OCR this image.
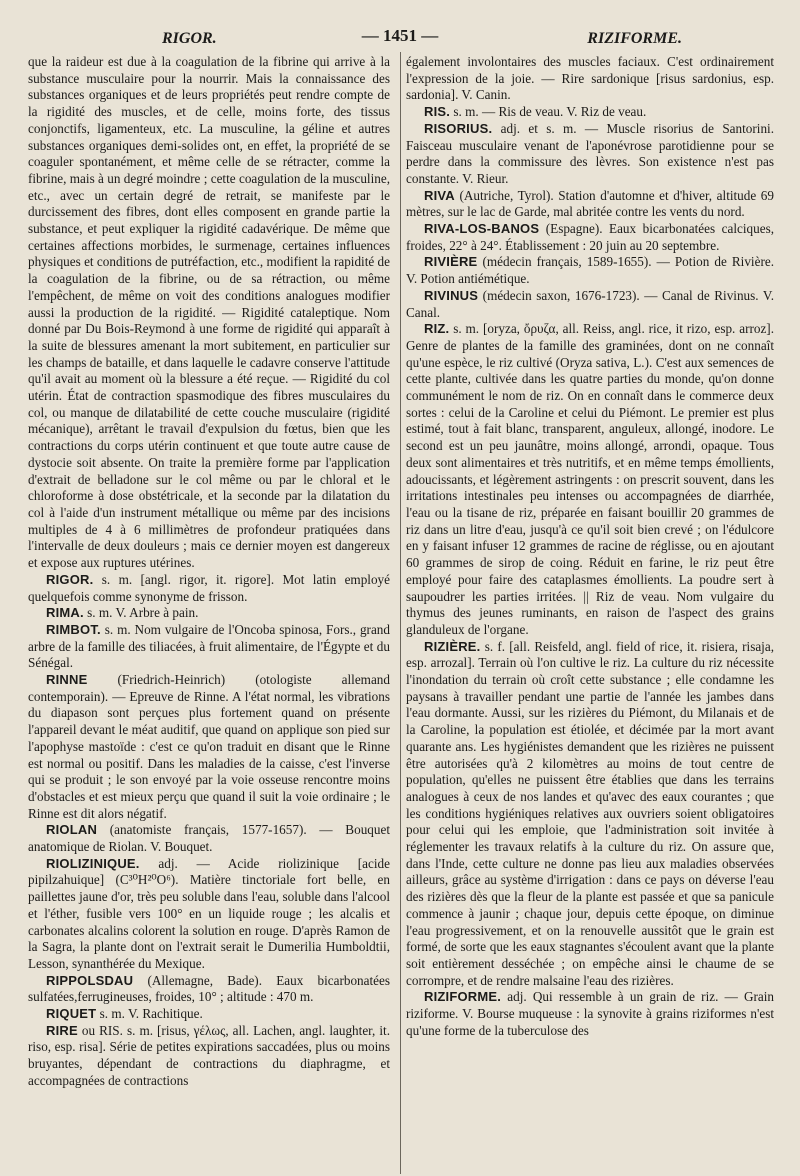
RIGOR.	— 1451 —	RIZIFORME.

que la raideur est due à la coagulation de la fibrine qui arrive à la substance musculaire pour la nourrir. Mais la connaissance des substances organiques et de leurs propriétés peut rendre compte de la rigidité des muscles, et de celle, moins forte, des tissus conjonctifs, ligamenteux, etc. La musculine, la géline et autres substances organiques demi-solides ont, en effet, la propriété de se coaguler spontanément, et même celle de se rétracter, comme la fibrine, mais à un degré moindre ; cette coagulation de la musculine, etc., avec un certain degré de retrait, se manifeste par le durcissement des fibres, dont elles composent en grande partie la substance, et peut expliquer la rigidité cadavérique. De même que certaines affections morbides, le surmenage, certaines influences physiques et conditions de putréfaction, etc., modifient la rapidité de la coagulation de la fibrine, ou de sa rétraction, ou même l'empêchent, de même on voit des conditions analogues modifier aussi la production de la rigidité. — Rigidité cataleptique. Nom donné par Du Bois-Reymond à une forme de rigidité qui apparaît à la suite de blessures amenant la mort subitement, en particulier sur les champs de bataille, et dans laquelle le cadavre conserve l'attitude qu'il avait au moment où la blessure a été reçue. — Rigidité du col utérin. État de contraction spasmodique des fibres musculaires du col, ou manque de dilatabilité de cette couche musculaire (rigidité mécanique), arrêtant le travail d'expulsion du fœtus, bien que les contractions du corps utérin continuent et que toute autre cause de dystocie soit absente. On traite la première forme par l'application d'extrait de belladone sur le col même ou par le chloral et le chloroforme à dose obstétricale, et la seconde par la dilatation du col à l'aide d'un instrument métallique ou même par des incisions multiples de 4 à 6 millimètres de profondeur pratiquées dans l'intervalle de deux douleurs ; mais ce dernier moyen est dangereux et expose aux ruptures utérines.

RIGOR. s. m. [angl. rigor, it. rigore]. Mot latin employé quelquefois comme synonyme de frisson.

RIMA. s. m. V. Arbre à pain.

RIMBOT. s. m. Nom vulgaire de l'Oncoba spinosa, Fors., grand arbre de la famille des tiliacées, à fruit alimentaire, de l'Égypte et du Sénégal.

RINNE (Friedrich-Heinrich) (otologiste allemand contemporain). — Epreuve de Rinne. A l'état normal, les vibrations du diapason sont perçues plus fortement quand on présente l'appareil devant le méat auditif, que quand on applique son pied sur l'apophyse mastoïde : c'est ce qu'on traduit en disant que le Rinne est normal ou positif. Dans les maladies de la caisse, c'est l'inverse qui se produit ; le son envoyé par la voie osseuse rencontre moins d'obstacles et est mieux perçu que quand il suit la voie ordinaire ; le Rinne est dit alors négatif.

RIOLAN (anatomiste français, 1577-1657). — Bouquet anatomique de Riolan. V. Bouquet.

RIOLIZINIQUE. adj. — Acide riolizinique [acide pipilzahuique] (C³⁰H²⁰O⁶). Matière tinctoriale fort belle, en paillettes jaune d'or, très peu soluble dans l'eau, soluble dans l'alcool et l'éther, fusible vers 100° en un liquide rouge ; les alcalis et carbonates alcalins colorent la solution en rouge. D'après Ramon de la Sagra, la plante dont on l'extrait serait le Dumerilia Humboldtii, Lesson, synanthérée du Mexique.

RIPPOLSDAU (Allemagne, Bade). Eaux bicarbonatées sulfatées,ferrugineuses, froides, 10° ; altitude : 470 m.

RIQUET s. m. V. Rachitique.

RIRE ou RIS. s. m. [risus, γέλως, all. Lachen, angl. laughter, it. riso, esp. risa]. Série de petites expirations saccadées, plus ou moins bruyantes, dépendant de contractions du diaphragme, et accompagnées de contractions

également involontaires des muscles faciaux. C'est ordinairement l'expression de la joie. — Rire sardonique [risus sardonius, esp. sardonia]. V. Canin.

RIS. s. m. — Ris de veau. V. Riz de veau.

RISORIUS. adj. et s. m. — Muscle risorius de Santorini. Faisceau musculaire venant de l'aponévrose parotidienne pour se perdre dans la commissure des lèvres. Son existence n'est pas constante. V. Rieur.

RIVA (Autriche, Tyrol). Station d'automne et d'hiver, altitude 69 mètres, sur le lac de Garde, mal abritée contre les vents du nord.

RIVA-LOS-BANOS (Espagne). Eaux bicarbonatées calciques, froides, 22° à 24°. Établissement : 20 juin au 20 septembre.

RIVIÈRE (médecin français, 1589-1655). — Potion de Rivière. V. Potion antiémétique.

RIVINUS (médecin saxon, 1676-1723). — Canal de Rivinus. V. Canal.

RIZ. s. m. [oryza, ὄρυζα, all. Reiss, angl. rice, it rizo, esp. arroz]. Genre de plantes de la famille des graminées, dont on ne connaît qu'une espèce, le riz cultivé (Oryza sativa, L.). C'est aux semences de cette plante, cultivée dans les quatre parties du monde, qu'on donne communément le nom de riz. On en connaît dans le commerce deux sortes : celui de la Caroline et celui du Piémont. Le premier est plus estimé, tout à fait blanc, transparent, anguleux, allongé, inodore. Le second est un peu jaunâtre, moins allongé, arrondi, opaque. Tous deux sont alimentaires et très nutritifs, et en même temps émollients, adoucissants, et légèrement astringents : on prescrit souvent, dans les irritations intestinales peu intenses ou accompagnées de diarrhée, l'eau ou la tisane de riz, préparée en faisant bouillir 20 grammes de riz dans un litre d'eau, jusqu'à ce qu'il soit bien crevé ; on l'édulcore en y faisant infuser 12 grammes de racine de réglisse, ou en ajoutant 60 grammes de sirop de coing. Réduit en farine, le riz peut être employé pour faire des cataplasmes émollients. La poudre sert à saupoudrer les parties irritées. || Riz de veau. Nom vulgaire du thymus des jeunes ruminants, en raison de l'aspect des grains glanduleux de l'organe.

RIZIÈRE. s. f. [all. Reisfeld, angl. field of rice, it. risiera, risaja, esp. arrozal]. Terrain où l'on cultive le riz. La culture du riz nécessite l'inondation du terrain où croît cette substance ; elle condamne les paysans à travailler pendant une partie de l'année les jambes dans l'eau dormante. Aussi, sur les rizières du Piémont, du Milanais et de la Caroline, la population est étiolée, et décimée par la mort avant quarante ans. Les hygiénistes demandent que les rizières ne puissent être autorisées qu'à 2 kilomètres au moins de tout centre de population, qu'elles ne puissent être établies que dans les terrains analogues à ceux de nos landes et qu'avec des eaux courantes ; que les conditions hygiéniques relatives aux ouvriers soient obligatoires pour celui qui les emploie, que l'administration soit invitée à réglementer les travaux relatifs à la culture du riz. On assure que, dans l'Inde, cette culture ne donne pas lieu aux maladies observées ailleurs, grâce au système d'irrigation : dans ce pays on déverse l'eau des rizières dès que la fleur de la plante est passée et que sa panicule commence à jaunir ; chaque jour, depuis cette époque, on diminue l'eau progressivement, et on la renouvelle aussitôt que le grain est formé, de sorte que les eaux stagnantes s'écoulent avant que la plante soit entièrement desséchée ; on empêche ainsi le chaume de se corrompre, et de rendre malsaine l'eau des rizières.

RIZIFORME. adj. Qui ressemble à un grain de riz. — Grain riziforme. V. Bourse muqueuse : la synovite à grains riziformes n'est qu'une forme de la tuberculose des
